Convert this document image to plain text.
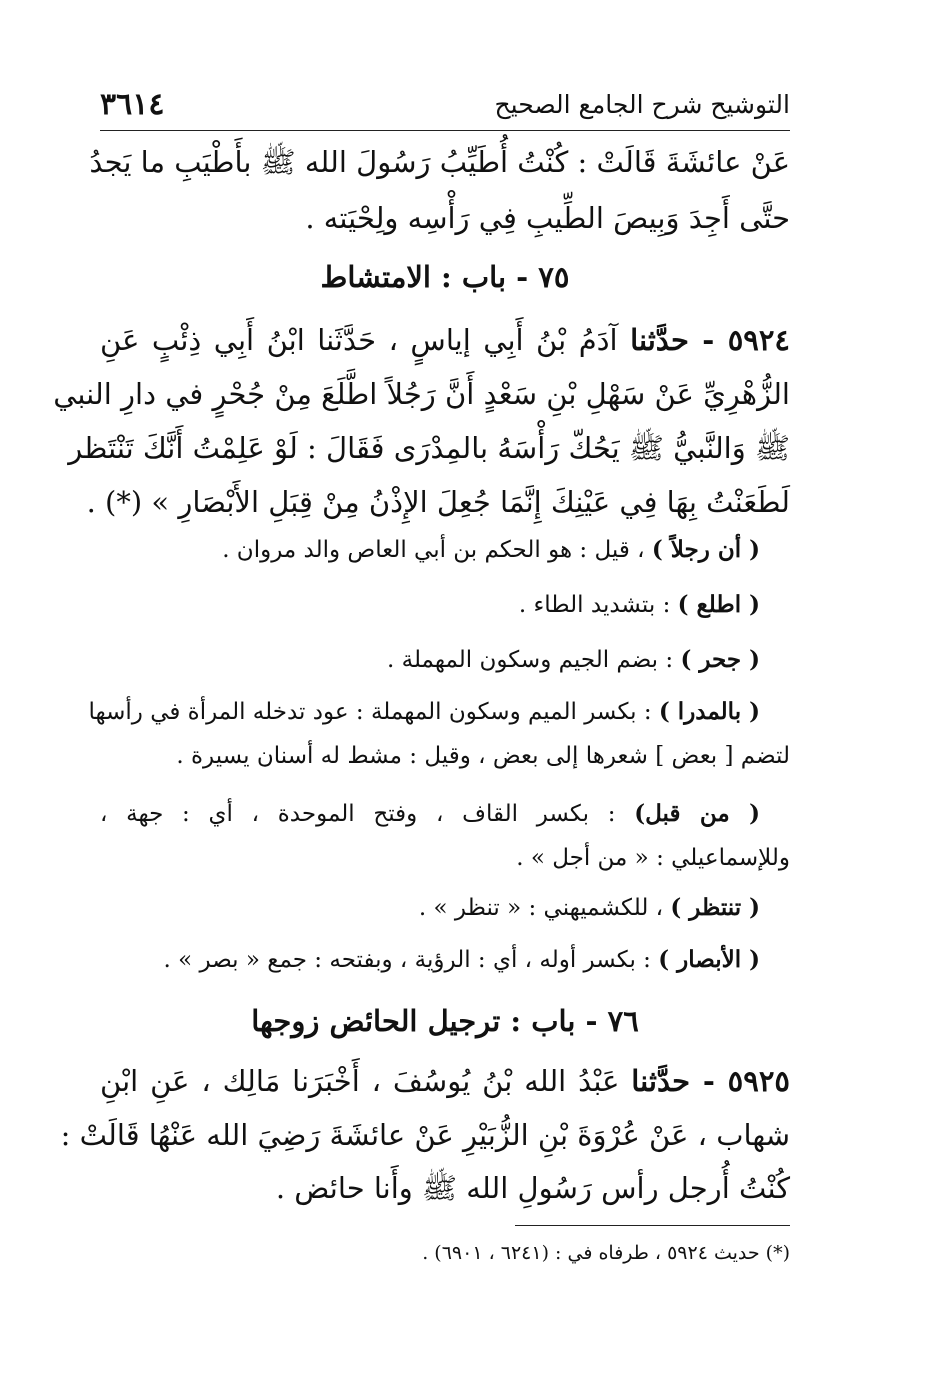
٣٦١٤	التوشيح شرح الجامع الصحيح
عَنْ عائشَةَ قَالَتْ : كُنْتُ أُطَيِّبُ رَسُولَ الله ﷺ بأَطْيَبِ ما يَجدُ
حتَّى أَجِدَ وَبِيصَ الطِّيبِ فِي رَأْسِه ولِحْيَته .
٧٥ - باب : الامتشاط
٥٩٢٤ - حدَّثنا آدَمُ بْنُ أَبِي إياسٍ ، حَدَّثَنا ابْنُ أَبِي ذِئْبٍ عَنِ
الزُّهْرِيِّ عَنْ سَهْلِ بْنِ سَعْدٍ أَنَّ رَجُلاً اطَّلَعَ مِنْ جُحْرٍ في دارِ النبي
ﷺ وَالنَّبيُّ ﷺ يَحُكّ رَأْسَهُ بالمِدْرَى فَقَالَ : لَوْ عَلِمْتُ أَنَّكَ تَنْتَظر
لَطَعَنْتُ بِهَا فِي عَيْنِكَ إِنَّمَا جُعِلَ الإِذْنُ مِنْ قِبَلِ الأَبْصَارِ » (*) .
( أن رجلاً ) ، قيل : هو الحكم بن أبي العاص والد مروان .
( اطلع ) : بتشديد الطاء .
( جحر ) : بضم الجيم وسكون المهملة .
( بالمدرا ) : بكسر الميم وسكون المهملة : عود تدخله المرأة في رأسها
لتضم [ بعض ] شعرها إلى بعض ، وقيل : مشط له أسنان يسيرة .
( من قبل) : بكسر القاف ، وفتح الموحدة ، أي : جهة ،
وللإسماعيلي : « من أجل » .
( تنتظر ) ، للكشميهني : « تنظر » .
( الأبصار ) : بكسر أوله ، أي : الرؤية ، وبفتحه : جمع « بصر » .
٧٦ - باب : ترجيل الحائض زوجها
٥٩٢٥ - حدَّثنا عَبْدُ الله بْنُ يُوسُفَ ، أَخْبَرَنا مَالِك ، عَنِ ابْنِ
شهاب ، عَنْ عُرْوَةَ بْنِ الزُّبَيْرِ عَنْ عائشَةَ رَضِيَ الله عَنْهُا قَالَتْ :
كُنْتُ أُرجل رأس رَسُولِ الله ﷺ وأَنا حائض .
(*) حديث ٥٩٢٤ ، طرفاه في : (٦٢٤١ ، ٦٩٠١) .
